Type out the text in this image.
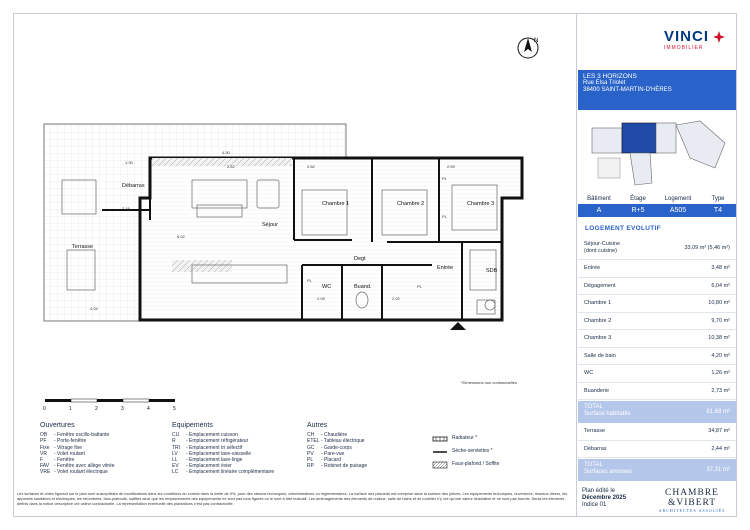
N
Séjour
Chambre 1	Chambre 2	Chambre 3
Débarras
Terrasse
Degt
Entrée	SDB
WC	Buand.
4.30
2.62	2.82	2.59
6.02
4.04
2.09	2.02
1.30
2.18
PL
PL
PL
PL
0	1	2	3	4	5
*Dimensions non contractuelles
Ouvertures
OB	- Fenêtre oscillo-battante
PF	- Porte-fenêtre
Fixe - Vitrage fixe
VR	- Volet roulant
F	- Fenêtre
FAV - Fenêtre avec allège vitrée
VRE - Volet roulant électrique
Equipements
CU	- Emplacement cuisson
R	- Emplacement réfrigérateur
TRI	- Emplacement tri sélectif
LV	- Emplacement lave-vaisselle
LL	- Emplacement lave-linge
EV	- Emplacement évier
LC	- Emplacement linéaire complémentaire
Autres
CH	- Chaudière
ETEL - Tableau électrique
GC	- Garde-corps
PV	- Pare-vue
PL	- Placard
RP	- Robinet de puisage
Radiateur *
Sèche-serviettes *
Faux-plafond / Soffite
Les surfaces et côtes figurant sur le plan sont susceptibles de modifications dans les conditions du contrat dans la limite de 5%, pour des raisons techniques, administratives ou réglementaires. La surface des placards est comprise dans la surface des pièces. Les équipements techniques, ouvertures, réseaux divers, les appareils sanitaires et électriques, les retombées, faux-plafonds, soffites ainsi que les emplacements des équipements ne sont pas tous figurés ou le sont à titre indicatif. Les aménagements des éléments de cuisine, salle de bains et de mobilier n'y ont qu'une valeur illustrative et ne sont pas fournis. Seuls les éléments définis dans la notice descriptive ont valeur contractuelle. La représentation éventuelle des plantations n'est pas contractuelle.
VINCI
IMMOBILIER
LES 3 HORIZONS
Rue Elsa Triolet
38400 SAINT-MARTIN-D'HÈRES
Bâtiment	Étage	Logement	Type
A	R+5	A505	T4
LOGEMENT EVOLUTIF
Séjour-Cuisine
(dont cuisine)	33,09 m² (5,46 m²)
Entrée	3,48 m²
Dégagement	6,04 m²
Chambre 1	10,80 m²
Chambre 2	9,70 m²
Chambre 3	10,38 m²
Salle de bain	4,20 m²
WC	1,26 m²
Buanderie	2,73 m²
TOTAL
Surface habitable	81,68 m²
Terrasse	34,87 m²
Débarras	2,44 m²
TOTAL
Surfaces annexes	37,31 m²
Plan édité le
Décembre 2025
Indice 01
CHAMBRE
&VIBERT
ARCHITECTES ASSOCIÉS
